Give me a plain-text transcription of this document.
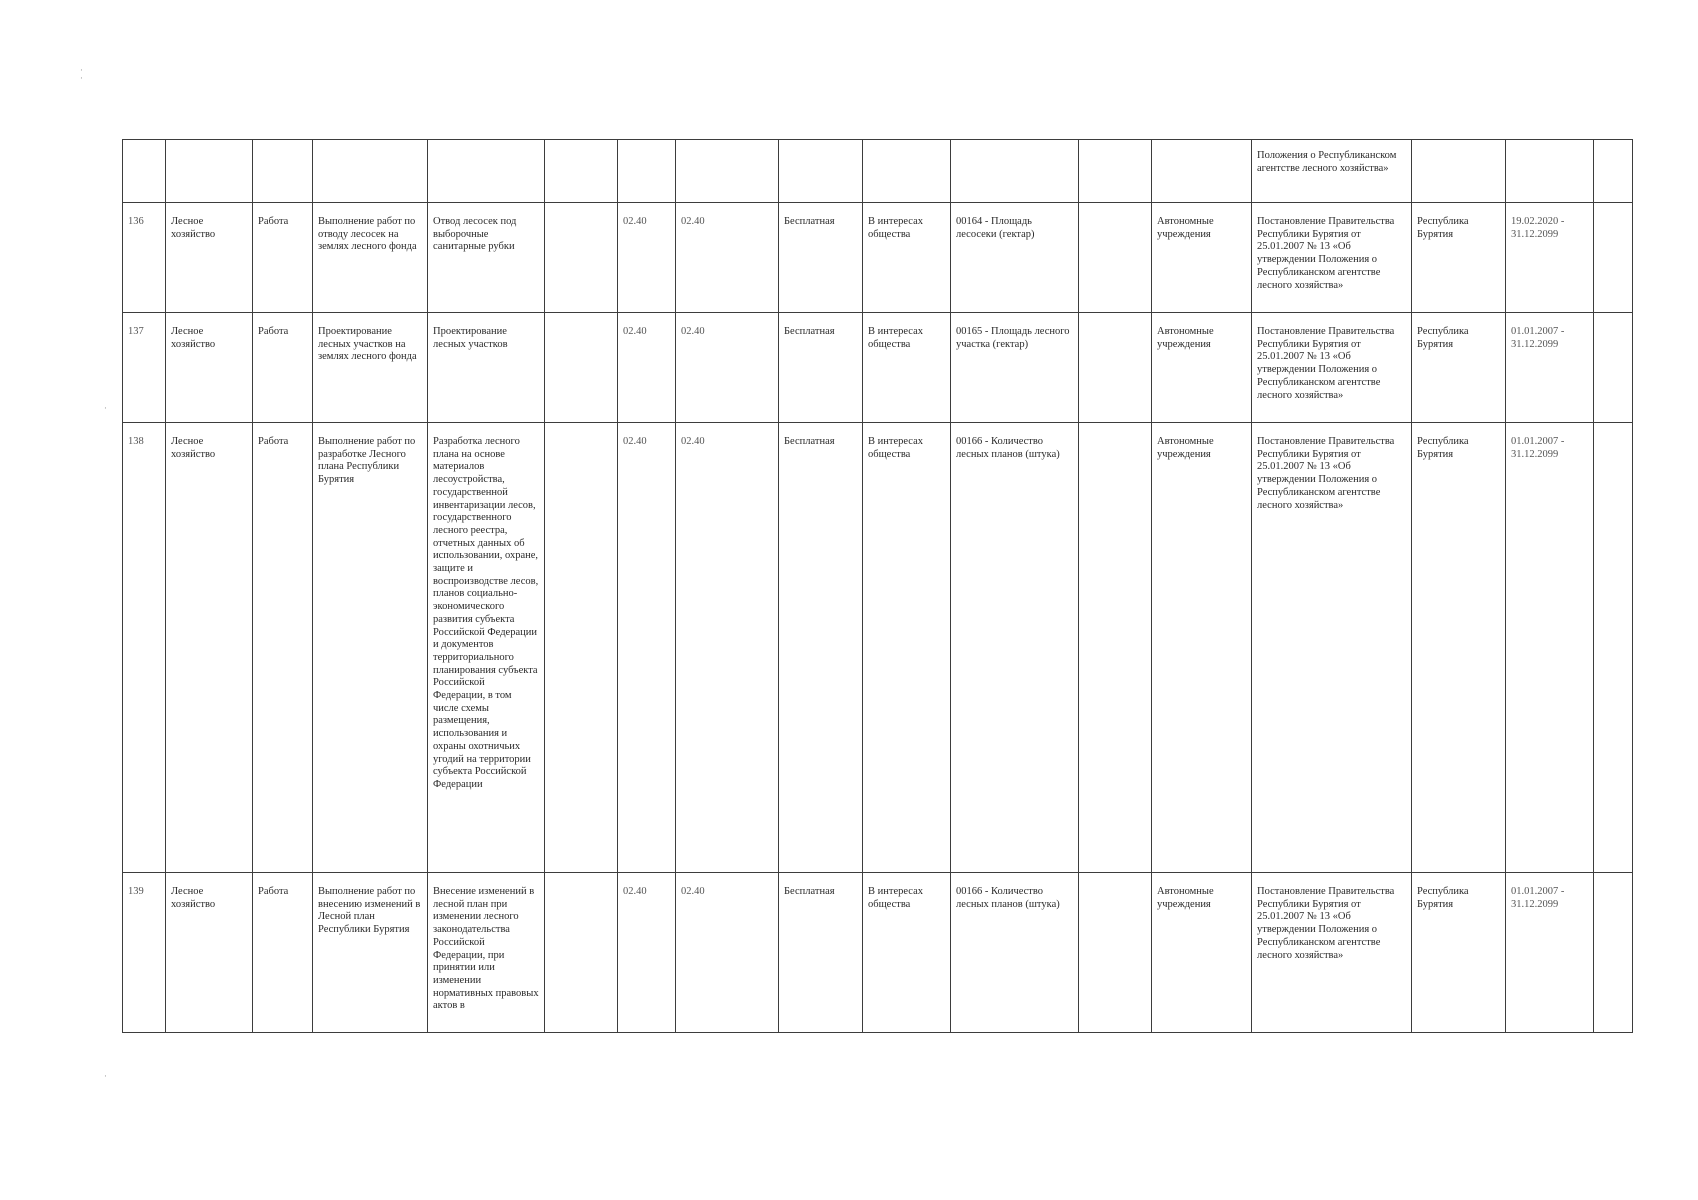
·
·
·
·
													Положения о Республиканском агентстве лесного хозяйства»			
136	Лесное хозяйство	Работа	Выполнение работ по отводу лесосек на землях лесного фонда	Отвод лесосек под выборочные санитарные рубки		02.40	02.40	Бесплатная	В интересах общества	00164 - Площадь лесосеки (гектар)		Автономные учреждения	Постановление Правительства Республики Бурятия от 25.01.2007 № 13 «Об утверждении Положения о Республиканском агентстве лесного хозяйства»	Республика Бурятия	19.02.2020 - 31.12.2099	
137	Лесное хозяйство	Работа	Проектирование лесных участков на землях лесного фонда	Проектирование лесных участков		02.40	02.40	Бесплатная	В интересах общества	00165 - Площадь лесного участка (гектар)		Автономные учреждения	Постановление Правительства Республики Бурятия от 25.01.2007 № 13 «Об утверждении Положения о Республиканском агентстве лесного хозяйства»	Республика Бурятия	01.01.2007 - 31.12.2099	
138	Лесное хозяйство	Работа	Выполнение работ по разработке Лесного плана Республики Бурятия	Разработка лесного плана на основе материалов лесоустройства, государственной инвентаризации лесов, государственного лесного реестра, отчетных данных об использовании, охране, защите и воспроизводстве лесов, планов социально-экономического развития субъекта Российской Федерации и документов территориального планирования субъекта Российской Федерации, в том числе схемы размещения, использования и охраны охотничьих угодий на территории субъекта Российской Федерации		02.40	02.40	Бесплатная	В интересах общества	00166 - Количество лесных планов (штука)		Автономные учреждения	Постановление Правительства Республики Бурятия от 25.01.2007 № 13 «Об утверждении Положения о Республиканском агентстве лесного хозяйства»	Республика Бурятия	01.01.2007 - 31.12.2099	
139	Лесное хозяйство	Работа	Выполнение работ по внесению изменений в Лесной план Республики Бурятия	Внесение изменений в лесной план при изменении лесного законодательства Российской Федерации, при принятии или изменении нормативных правовых актов в		02.40	02.40	Бесплатная	В интересах общества	00166 - Количество лесных планов (штука)		Автономные учреждения	Постановление Правительства Республики Бурятия от 25.01.2007 № 13 «Об утверждении Положения о Республиканском агентстве лесного хозяйства»	Республика Бурятия	01.01.2007 - 31.12.2099	
